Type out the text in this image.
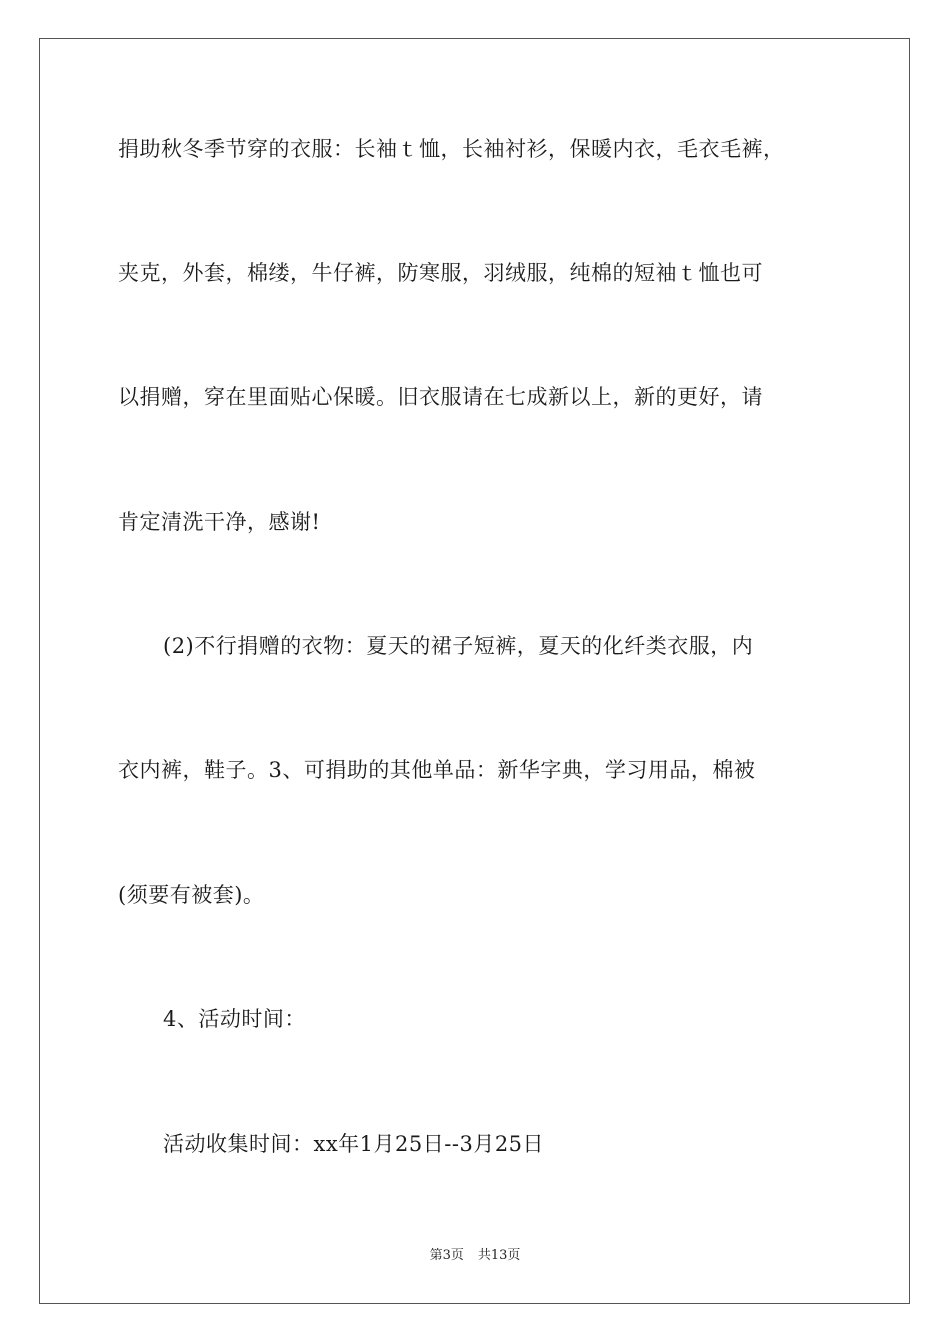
捐助秋冬季节穿的衣服：长袖ｔ恤，长袖衬衫，保暖内衣，毛衣毛裤，
夹克，外套，棉缕，牛仔裤，防寒服，羽绒服，纯棉的短袖ｔ恤也可
以捐赠，穿在里面贴心保暖。旧衣服请在七成新以上，新的更好，请
肯定清洗干净，感谢!
(2)不行捐赠的衣物：夏天的裙子短裤，夏天的化纤类衣服，内
衣内裤，鞋子。3、可捐助的其他单品：新华字典，学习用品，棉被
(须要有被套)。
4、活动时间：
活动收集时间：xx年1月25日--3月25日
第3页 共13页
